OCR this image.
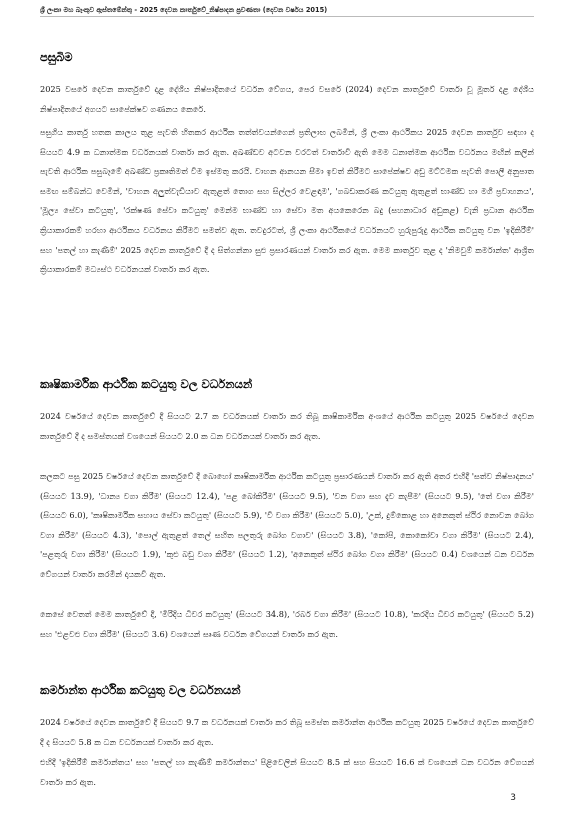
ශ්‍රී ලංකා මහ බැංකුව ඇස්තමේන්තු - 2025 දෙවන කාර්තුවේ_නිෂ්පාදන ප්‍රවණතා (දෙවන වර්ෂය 2015)
පසුබිම

2025 වසරේ දෙවන කාර්තුවේ දළ දේශීය නිෂ්පාදිතයේ වර්ධන වේගය, පෙර වසරේ (2024) දෙවන කාර්තුවේ වාර්තා වූ මූර්ත දළ දේශීය නිෂ්පාදිතයේ අගයට සාපේක්ෂව ගණනය කෙරේ.

පසුගිය කාර්තු හතක කාලය තුළ පැවති හිතකර ආර්ථික තත්ත්වයන්ගෙන් ප්‍රතිලාභ ලබමින්, ශ්‍රී ලංකා ආර්ථිකය 2025 දෙවන කාර්තුව සඳහා ද සියයට 4.9 ක ධනාත්මක වර්ධනයක් වාර්තා කර ඇත. අඛණ්ඩව අටවන වරටත් වාර්තාවී ඇති මෙම ධනාත්මක ආර්ථික වර්ධනය මඟින් කලින් පැවති ආර්ථික පසුබෑමේ අඛණ්ඩ ප්‍රකෘතිමත් වීම ඉස්මතු කරයි. වාහන ආනයන සීමා ඉවත් කිරීමට සාපේක්ෂව අඩු මට්ටමක පැවති පොලී අනුපාත සමඟ සම්බන්ධ වෙමින්, 'වාහන අලුත්වැඩියාව ඇතුළත් තොග සහ සිල්ලර වෙළඳාම', 'ගබඩාකරණ කටයුතු ඇතුළත් භාණ්ඩ හා මගී ප්‍රවාහනය', 'මූල්‍ය සේවා කටයුතු', 'රක්ෂණ සේවා කටයුතු' මෙන්ම භාණ්ඩ හා සේවා මත අයකෙරෙන බදු (සහනාධාර අඩුකළ) වැනි ප්‍රධාන ආර්ථික ක්‍රියාකාරකම් හරහා ආර්ථිකය වර්ධනය කිරීමට සමත්ව ඇත. තවදුරටත්, ශ්‍රී ලංකා ආර්ථිකයේ වර්ධනයට හුරුපුරුදු ආර්ථික කටයුතු වන 'ඉදිකිරීම්' සහ 'පතල් හා කැණීම්' 2025 දෙවන කාර්තුවේ දී ද සිත්ගන්නා සුළු ප්‍රසාරණයන් වාර්තා කර ඇත. මෙම කාර්තුව තුළ ද 'නිමවුම් කර්මාන්ත' ආශ්‍රිත ක්‍රියාකාරකම් මධ්‍යස්ථ වර්ධනයක් වාර්තා කර ඇත.

කෘෂිකාර්මික ආර්ථික කටයුතු වල වර්ධනයන්

2024 වර්ෂයේ දෙවන කාර්තුවේ දී සියයට 2.7 ක වර්ධනයක් වාර්තා කර තිබූ කෘෂිකාර්මික අංශයේ ආර්ථික කටයුතු 2025 වර්ෂයේ දෙවන කාර්තුවේ දී ද සමස්තයක් වශයෙන් සියයට 2.0 ක ධන වර්ධනයක් වාර්තා කර ඇත.

කලකට පසු 2025 වර්ෂයේ දෙවන කාර්තුවේ දී බොහෝ කෘෂිකාර්මික ආර්ථික කටයුතු ප්‍රසාරණයන් වාර්තා කර ඇති අතර එහිදී 'සත්ව නිෂ්පාදනය' (සියයට 13.9), 'ධාන්‍ය වගා කිරීම' (සියයට 12.4), 'පළ බෝකිරීම' (සියයට 9.5), 'වන වගා සහ දැව කැපීම' (සියයට 9.5), 'තේ වගා කිරීම' (සියයට 6.0), 'කෘෂිකාර්මික සහාය සේවා කටයුතු' (සියයට 5.9), 'වී වගා කිරීම' (සියයට 5.0), 'උක්, දුම්කොළ හා අනෙකුත් ස්ථිර නොවන බෝග වගා කිරීම' (සියයට 4.3), 'පොල් ඇතුළත් තෙල් සහිත පලතුරු බෝග වගාව' (සියයට 3.8), 'කෝපි, කොකෝවා වගා කිරීම' (සියයට 2.4), 'පළතුරු වගා කිරීම' (සියයට 1.9), 'කුළු බඩු වගා කිරීම' (සියයට 1.2), 'අනෙකුත් ස්ථිර බෝග වගා කිරීම' (සියයට 0.4) වශයෙන් ධන වර්ධන වේගයන් වාර්තා කරමින් දායකවී ඇත.

කෙසේ වෙතත් මෙම කාර්තුවේ දී, 'මිරිදිය ධීවර කටයුතු' (සියයට 34.8), 'රබර් වගා කිරීම' (සියයට 10.8), 'කරදිය ධීවර කටයුතු' (සියයට 5.2) සහ 'එළවළු වගා කිරීම' (සියයට 3.6) වශයෙන් සෘණ වර්ධන වේගයන් වාර්තා කර ඇත.

කර්මාන්ත ආර්ථික කටයුතු වල වර්ධනයන්

2024 වර්ෂයේ දෙවන කාර්තුවේ දී සියයට 9.7 ක වර්ධනයක් වාර්තා කර තිබූ සමස්ත කර්මාන්ත ආර්ථික කටයුතු 2025 වර්ෂයේ දෙවන කාර්තුවේ දී ද සියයට 5.8 ක ධන වර්ධනයක් වාර්තා කර ඇත.

එහිදී 'ඉදිකිරීම් කර්මාන්තය' සහ 'පතල් හා කැණීම් කර්මාන්තය' පිළිවෙලින් සියයට 8.5 ක් සහ සියයට 16.6 ක් වශයෙන් ධන වර්ධන වේගයන් වාර්තා කර ඇත.

3
